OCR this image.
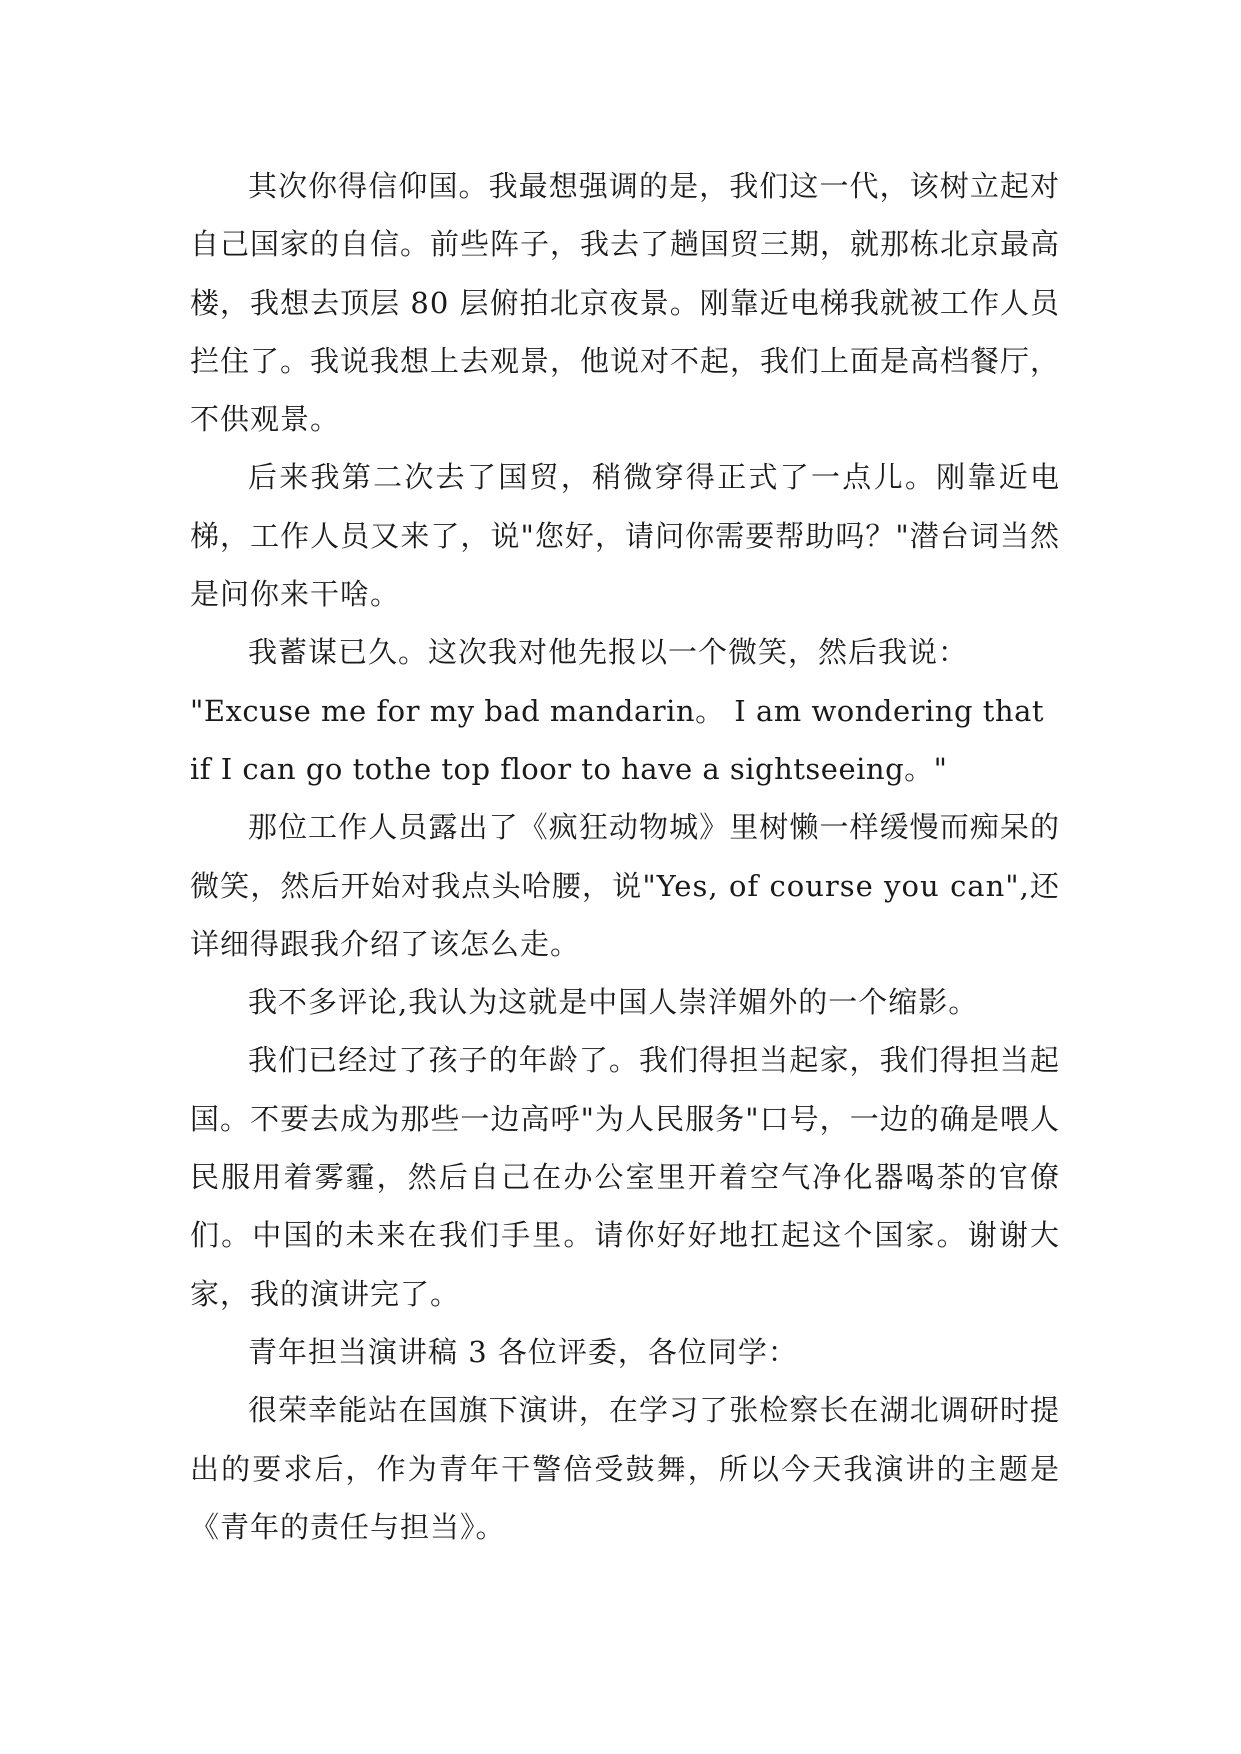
其次你得信仰国。我最想强调的是，我们这一代，该树立起对自己国家的自信。前些阵子，我去了趟国贸三期，就那栋北京最高楼，我想去顶层 80 层俯拍北京夜景。刚靠近电梯我就被工作人员拦住了。我说我想上去观景，他说对不起，我们上面是高档餐厅，不供观景。

后来我第二次去了国贸，稍微穿得正式了一点儿。刚靠近电梯，工作人员又来了，说"您好，请问你需要帮助吗？"潜台词当然是问你来干啥。

我蓄谋已久。这次我对他先报以一个微笑，然后我说：

"Excuse me for my bad mandarin。 I am wondering that

if I can go tothe top floor to have a sightseeing。"

那位工作人员露出了《疯狂动物城》里树懒一样缓慢而痴呆的微笑，然后开始对我点头哈腰，说"Yes, of course you can",还详细得跟我介绍了该怎么走。

我不多评论,我认为这就是中国人崇洋媚外的一个缩影。

我们已经过了孩子的年龄了。我们得担当起家，我们得担当起国。不要去成为那些一边高呼"为人民服务"口号，一边的确是喂人民服用着雾霾，然后自己在办公室里开着空气净化器喝茶的官僚们。中国的未来在我们手里。请你好好地扛起这个国家。谢谢大家，我的演讲完了。

青年担当演讲稿 3 各位评委，各位同学：

很荣幸能站在国旗下演讲，在学习了张检察长在湖北调研时提出的要求后，作为青年干警倍受鼓舞，所以今天我演讲的主题是《青年的责任与担当》。
